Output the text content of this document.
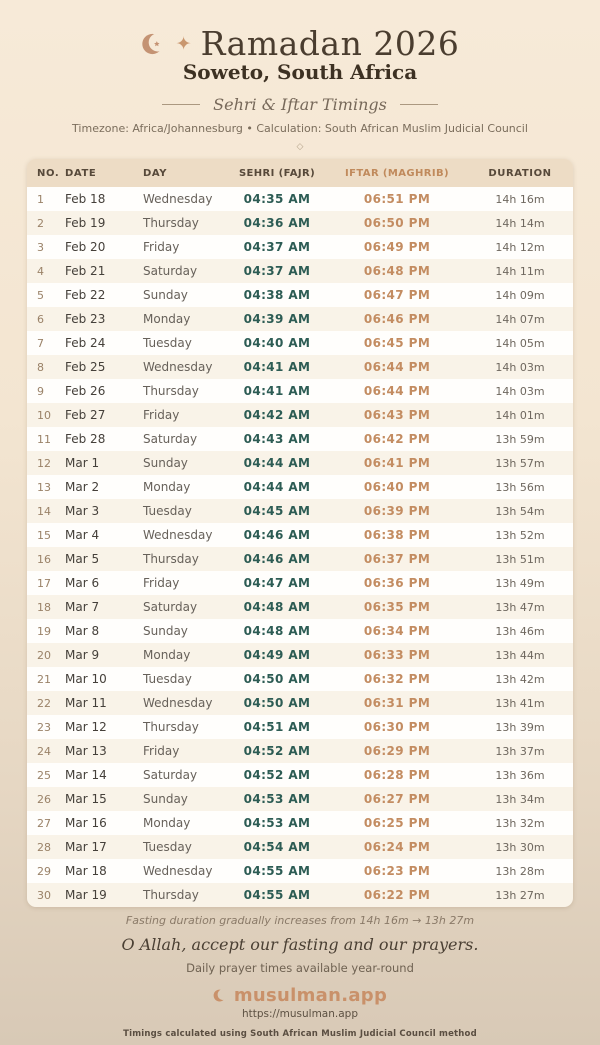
✦ Ramadan 2026
Soweto, South Africa
Sehri & Iftar Timings
Timezone: Africa/Johannesburg • Calculation: South African Muslim Judicial Council
◇
NO. DATE	DAY	SEHRI (FAJR)	IFTAR (MAGHRIB)	DURATION
1	Feb 18	Wednesday	04:35 AM	06:51 PM	14h 16m
2	Feb 19	Thursday	04:36 AM	06:50 PM	14h 14m
3	Feb 20	Friday	04:37 AM	06:49 PM	14h 12m
4	Feb 21	Saturday	04:37 AM	06:48 PM	14h 11m
5	Feb 22	Sunday	04:38 AM	06:47 PM	14h 09m
6	Feb 23	Monday	04:39 AM	06:46 PM	14h 07m
7	Feb 24	Tuesday	04:40 AM	06:45 PM	14h 05m
8	Feb 25	Wednesday	04:41 AM	06:44 PM	14h 03m
9	Feb 26	Thursday	04:41 AM	06:44 PM	14h 03m
10	Feb 27	Friday	04:42 AM	06:43 PM	14h 01m
11	Feb 28	Saturday	04:43 AM	06:42 PM	13h 59m
12	Mar 1	Sunday	04:44 AM	06:41 PM	13h 57m
13	Mar 2	Monday	04:44 AM	06:40 PM	13h 56m
14	Mar 3	Tuesday	04:45 AM	06:39 PM	13h 54m
15	Mar 4	Wednesday	04:46 AM	06:38 PM	13h 52m
16	Mar 5	Thursday	04:46 AM	06:37 PM	13h 51m
17	Mar 6	Friday	04:47 AM	06:36 PM	13h 49m
18	Mar 7	Saturday	04:48 AM	06:35 PM	13h 47m
19	Mar 8	Sunday	04:48 AM	06:34 PM	13h 46m
20	Mar 9	Monday	04:49 AM	06:33 PM	13h 44m
21	Mar 10	Tuesday	04:50 AM	06:32 PM	13h 42m
22	Mar 11	Wednesday	04:50 AM	06:31 PM	13h 41m
23	Mar 12	Thursday	04:51 AM	06:30 PM	13h 39m
24	Mar 13	Friday	04:52 AM	06:29 PM	13h 37m
25	Mar 14	Saturday	04:52 AM	06:28 PM	13h 36m
26	Mar 15	Sunday	04:53 AM	06:27 PM	13h 34m
27	Mar 16	Monday	04:53 AM	06:25 PM	13h 32m
28	Mar 17	Tuesday	04:54 AM	06:24 PM	13h 30m
29	Mar 18	Wednesday	04:55 AM	06:23 PM	13h 28m
30	Mar 19	Thursday	04:55 AM	06:22 PM	13h 27m
Fasting duration gradually increases from 14h 16m → 13h 27m
O Allah, accept our fasting and our prayers.
Daily prayer times available year-round
musulman.app
https://musulman.app
Timings calculated using South African Muslim Judicial Council method
